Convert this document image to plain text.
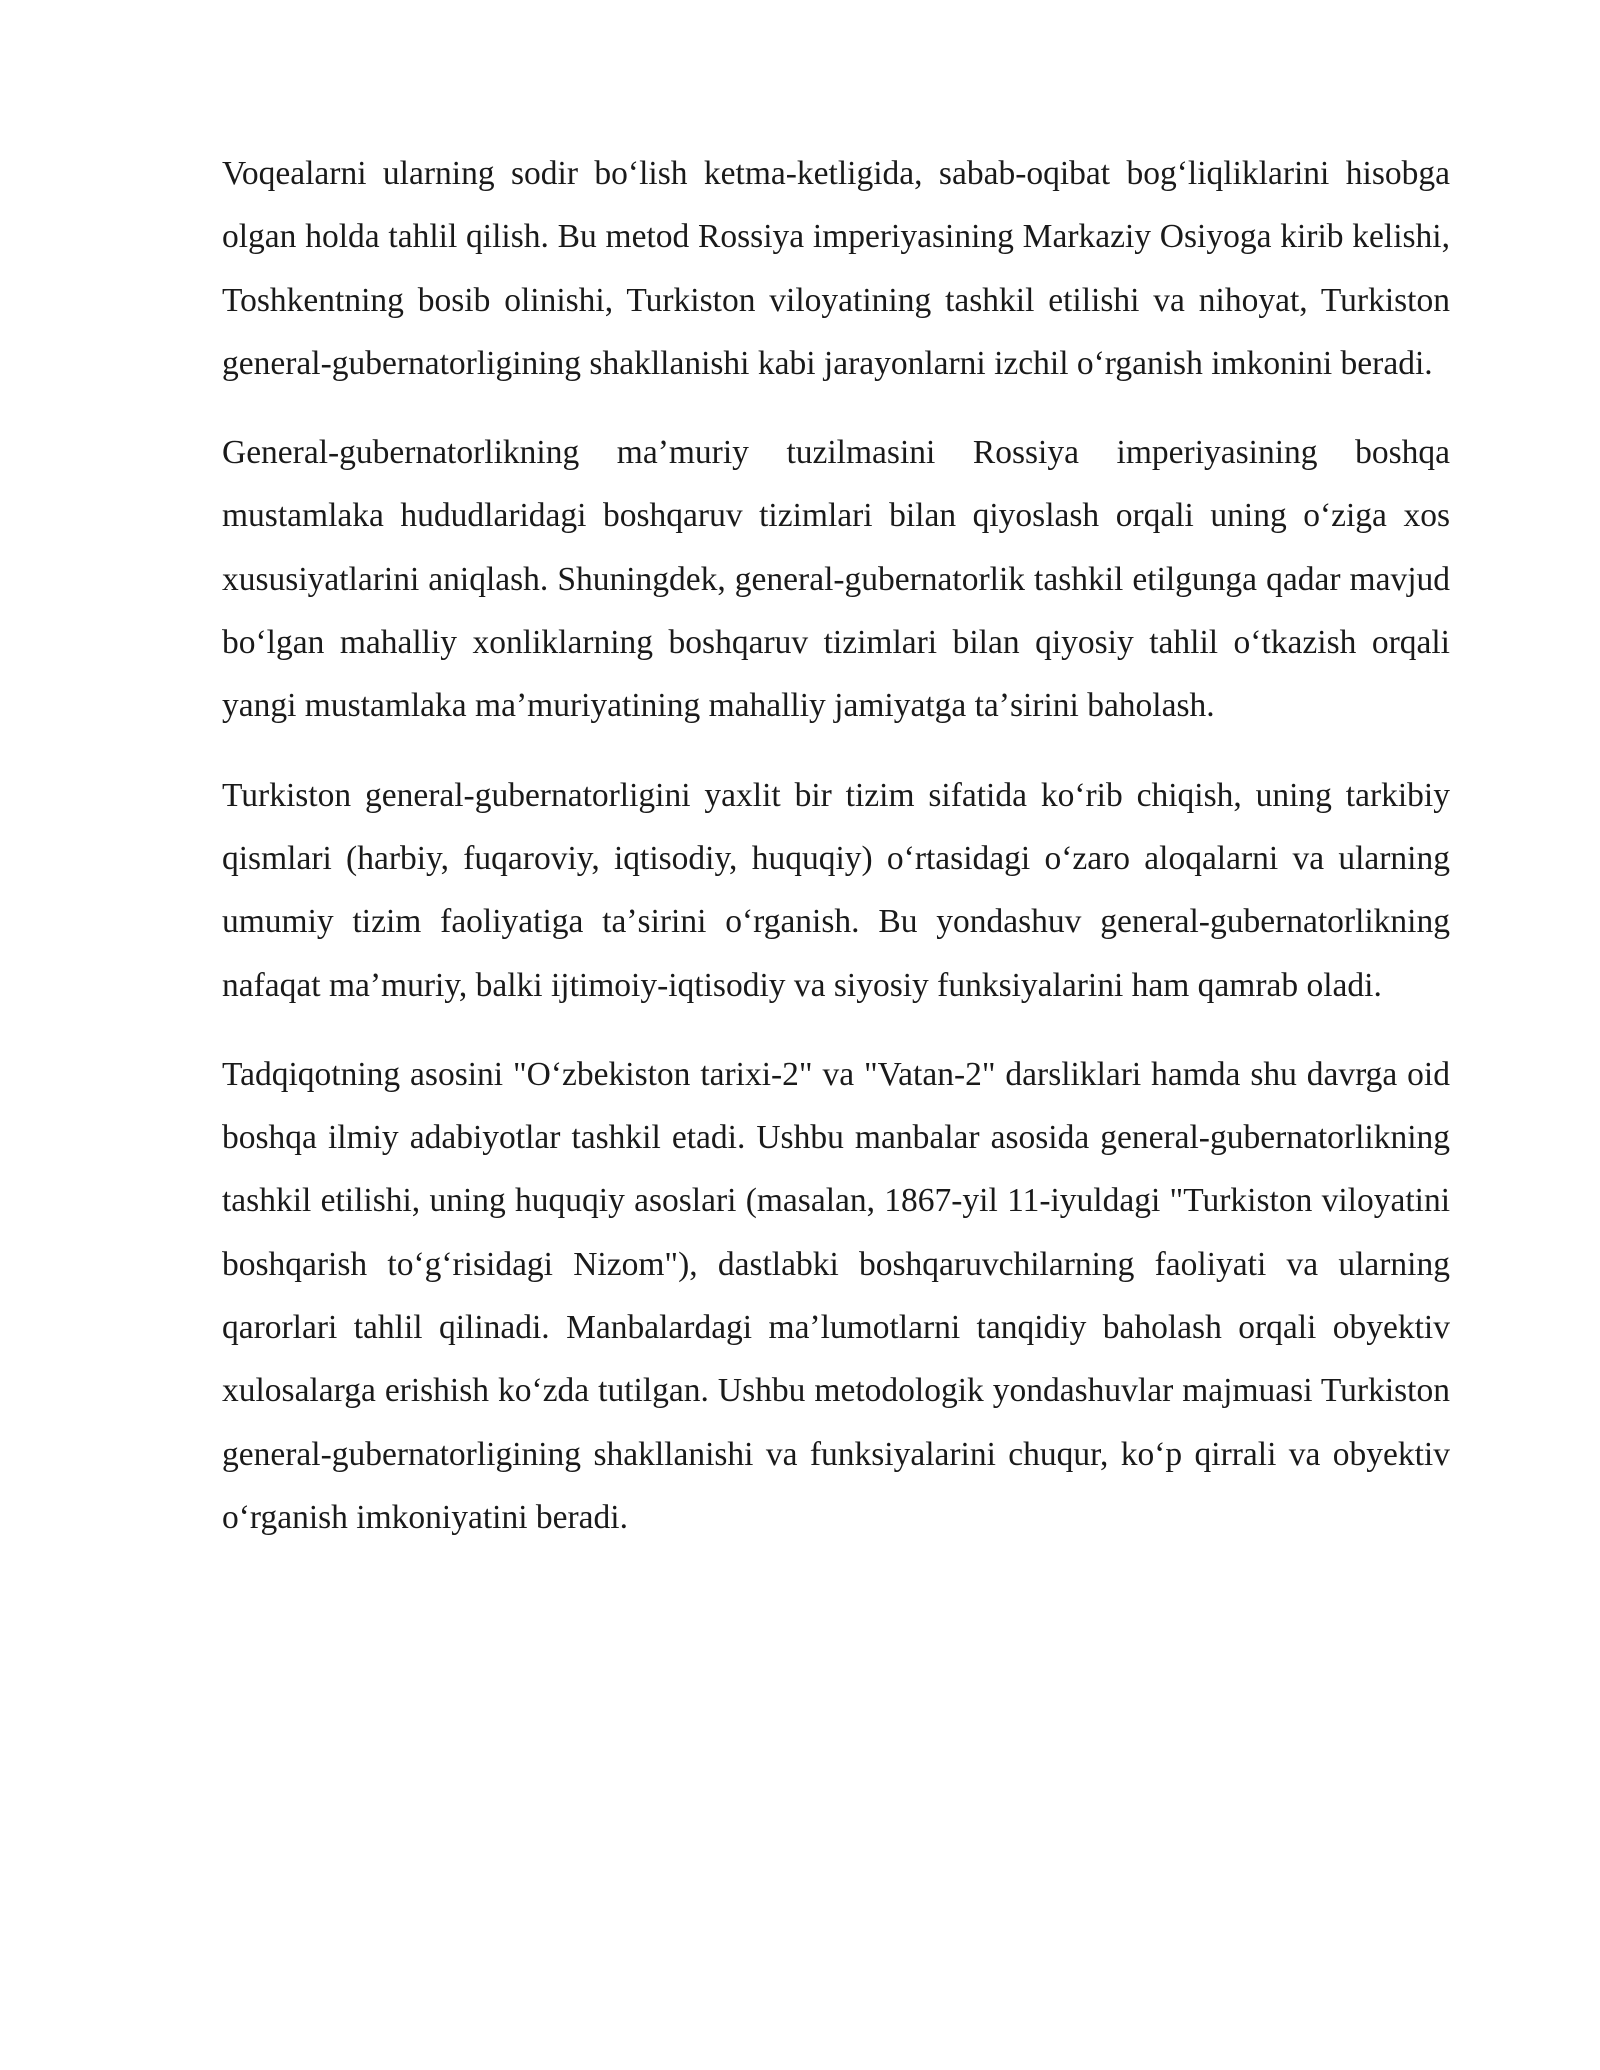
Voqealarni ularning sodir boʻlish ketma-ketligida, sabab-oqibat bogʻliqliklarini hisobga olgan holda tahlil qilish. Bu metod Rossiya imperiyasining Markaziy Osiyoga kirib kelishi, Toshkentning bosib olinishi, Turkiston viloyatining tashkil etilishi va nihoyat, Turkiston general-gubernatorligining shakllanishi kabi jarayonlarni izchil oʻrganish imkonini beradi.

General-gubernatorlikning maʼmuriy tuzilmasini Rossiya imperiyasining boshqa mustamlaka hududlaridagi boshqaruv tizimlari bilan qiyoslash orqali uning oʻziga xos xususiyatlarini aniqlash. Shuningdek, general-gubernatorlik tashkil etilgunga qadar mavjud boʻlgan mahalliy xonliklarning boshqaruv tizimlari bilan qiyosiy tahlil oʻtkazish orqali yangi mustamlaka maʼmuriyatining mahalliy jamiyatga taʼsirini baholash.

Turkiston general-gubernatorligini yaxlit bir tizim sifatida koʻrib chiqish, uning tarkibiy qismlari (harbiy, fuqaroviy, iqtisodiy, huquqiy) oʻrtasidagi oʻzaro aloqalarni va ularning umumiy tizim faoliyatiga taʼsirini oʻrganish. Bu yondashuv general-gubernatorlikning nafaqat maʼmuriy, balki ijtimoiy-iqtisodiy va siyosiy funksiyalarini ham qamrab oladi.

Tadqiqotning asosini "Oʻzbekiston tarixi-2" va "Vatan-2" darsliklari hamda shu davrga oid boshqa ilmiy adabiyotlar tashkil etadi. Ushbu manbalar asosida general-gubernatorlikning tashkil etilishi, uning huquqiy asoslari (masalan, 1867-yil 11-iyuldagi "Turkiston viloyatini boshqarish toʻgʻrisidagi Nizom"), dastlabki boshqaruvchilarning faoliyati va ularning qarorlari tahlil qilinadi. Manbalardagi maʼlumotlarni tanqidiy baholash orqali obyektiv xulosalarga erishish koʻzda tutilgan. Ushbu metodologik yondashuvlar majmuasi Turkiston general-gubernatorligining shakllanishi va funksiyalarini chuqur, koʻp qirrali va obyektiv oʻrganish imkoniyatini beradi.
